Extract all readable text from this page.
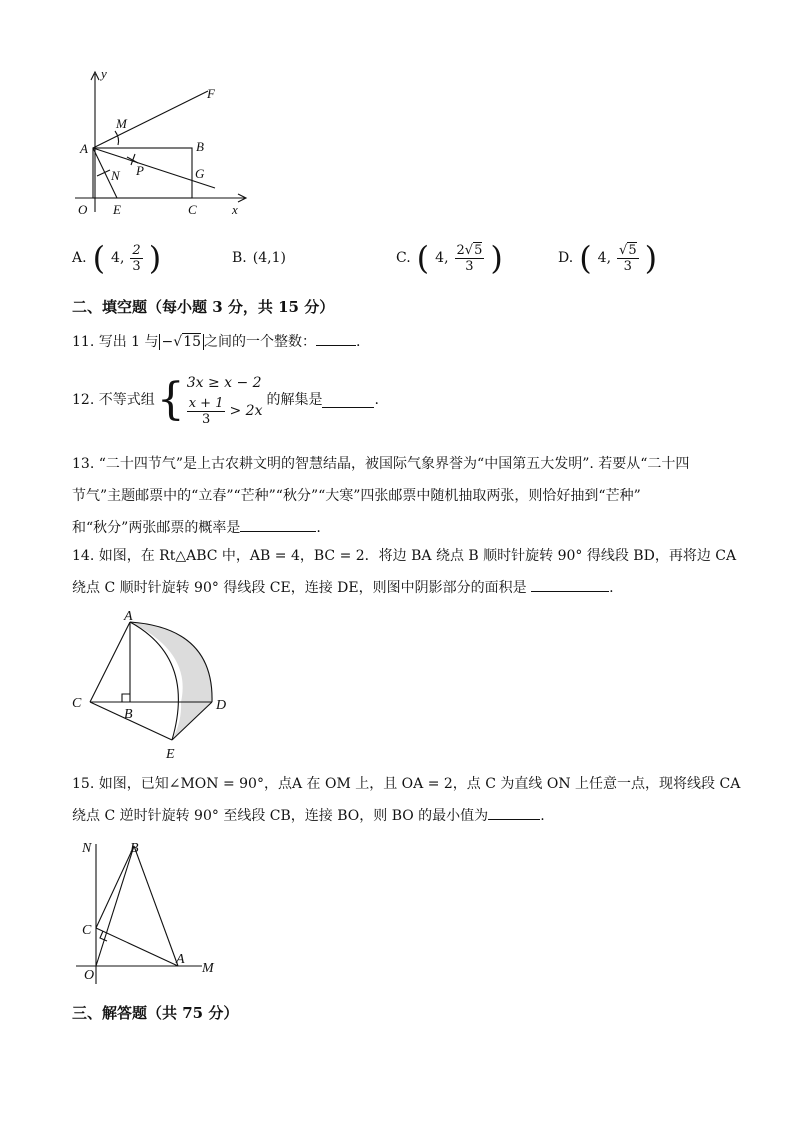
y
x
O
A	B
C
E
F
G
M
N P
A. ( 4, $\frac{2}{3}$ )	B. (4,1)	C. ( 4, $\frac{2√5}{3}$ )	D. ( 4, $\frac{√5}{3}$ )
二、填空题（每小题 3 分，共 15 分）
11. 写出 1 与 −√15 之间的一个整数：	.
12.
不等式组 { 3x ≥ x − 2
$\frac{x + 1}{3} > 2x$
的解集是	.
13. “二十四节气”是上古农耕文明的智慧结晶，被国际气象界誉为“中国第五大发明”. 若要从“二十四
节气”主题邮票中的“立春”“芒种”“秋分”“大寒”四张邮票中随机抽取两张，则恰好抽到“芒种”
和“秋分”两张邮票的概率是	.
14. 如图，在 Rt△ABC 中，AB = 4，BC = 2．将边 BA 绕点 B 顺时针旋转 90° 得线段 BD，再将边 CA
绕点 C 顺时针旋转 90° 得线段 CE，连接 DE，则图中阴影部分的面积是	.
A
C
B
D
E
15. 如图，已知∠MON = 90°，点A 在 OM 上，且 OA = 2，点 C 为直线 ON 上任意一点，现将线段 CA
绕点 C 逆时针旋转 90° 至线段 CB，连接 BO，则 BO 的最小值为	.
N	B
C
O
A
M
三、解答题（共 75 分）
